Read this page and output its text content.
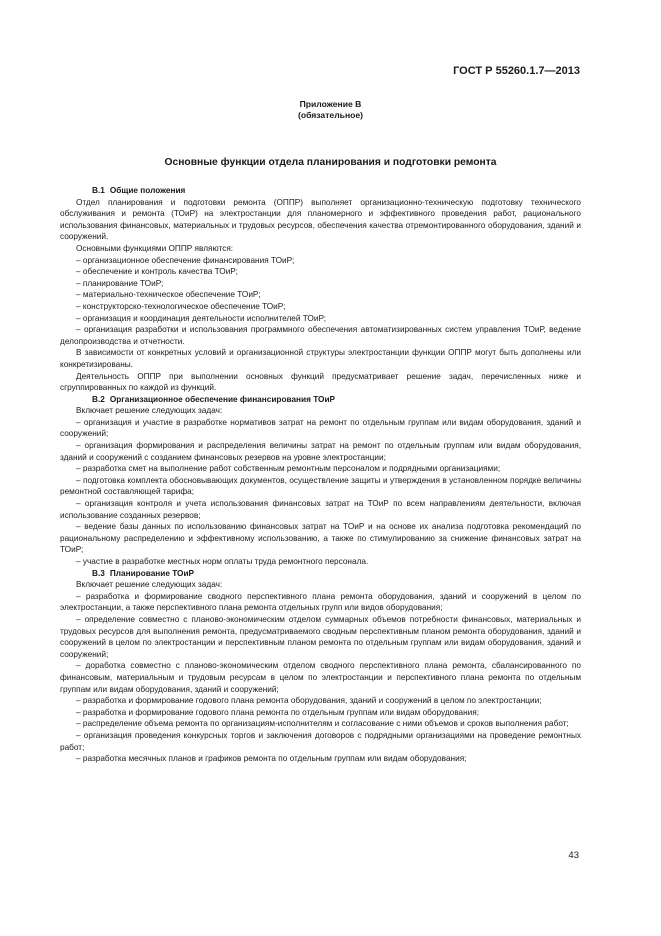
ГОСТ Р 55260.1.7—2013
Приложение В
(обязательное)
Основные функции отдела планирования и подготовки ремонта

В.1 Общие положения

Отдел планирования и подготовки ремонта (ОППР) выполняет организационно-техническую подготовку технического обслуживания и ремонта (ТОиР) на электростанции для планомерного и эффективного проведения работ, рационального использования финансовых, материальных и трудовых ресурсов, обеспечения качества отремонтированного оборудования, зданий и сооружений.

Основными функциями ОППР являются:

– организационное обеспечение финансирования ТОиР;

– обеспечение и контроль качества ТОиР;

– планирование ТОиР;

– материально-техническое обеспечение ТОиР;

– конструкторско-технологическое обеспечение ТОиР;

– организация и координация деятельности исполнителей ТОиР;

– организация разработки и использования программного обеспечения автоматизированных систем управления ТОиР, ведение делопроизводства и отчетности.

В зависимости от конкретных условий и организационной структуры электростанции функции ОППР могут быть дополнены или конкретизированы.

Деятельность ОППР при выполнении основных функций предусматривает решение задач, перечисленных ниже и сгруппированных по каждой из функций.

В.2 Организационное обеспечение финансирования ТОиР

Включает решение следующих задач:

– организация и участие в разработке нормативов затрат на ремонт по отдельным группам или видам оборудования, зданий и сооружений;

– организация формирования и распределения величины затрат на ремонт по отдельным группам или видам оборудования, зданий и сооружений с созданием финансовых резервов на уровне электростанции;

– разработка смет на выполнение работ собственным ремонтным персоналом и подрядными организациями;

– подготовка комплекта обосновывающих документов, осуществление защиты и утверждения в установленном порядке величины ремонтной составляющей тарифа;

– организация контроля и учета использования финансовых затрат на ТОиР по всем направлениям деятельности, включая использование созданных резервов;

– ведение базы данных по использованию финансовых затрат на ТОиР и на основе их анализа подготовка рекомендаций по рациональному распределению и эффективному использованию, а также по стимулированию за снижение финансовых затрат на ТОиР;

– участие в разработке местных норм оплаты труда ремонтного персонала.

В.3 Планирование ТОиР

Включает решение следующих задач:

– разработка и формирование сводного перспективного плана ремонта оборудования, зданий и сооружений в целом по электростанции, а также перспективного плана ремонта отдельных групп или видов оборудования;

– определение совместно с планово-экономическим отделом суммарных объемов потребности финансовых, материальных и трудовых ресурсов для выполнения ремонта, предусматриваемого сводным перспективным планом ремонта оборудования, зданий и сооружений в целом по электростанции и перспективным планом ремонта по отдельным группам или видам оборудования, зданий и сооружений;

– доработка совместно с планово-экономическим отделом сводного перспективного плана ремонта, сбалансированного по финансовым, материальным и трудовым ресурсам в целом по электростанции и перспективного плана ремонта по отдельным группам или видам оборудования, зданий и сооружений;

– разработка и формирование годового плана ремонта оборудования, зданий и сооружений в целом по электростанции;

– разработка и формирование годового плана ремонта по отдельным группам или видам оборудования;

– распределение объема ремонта по организациям-исполнителям и согласование с ними объемов и сроков выполнения работ;

– организация проведения конкурсных торгов и заключения договоров с подрядными организациями на проведение ремонтных работ;

– разработка месячных планов и графиков ремонта по отдельным группам или видам оборудования;

43
